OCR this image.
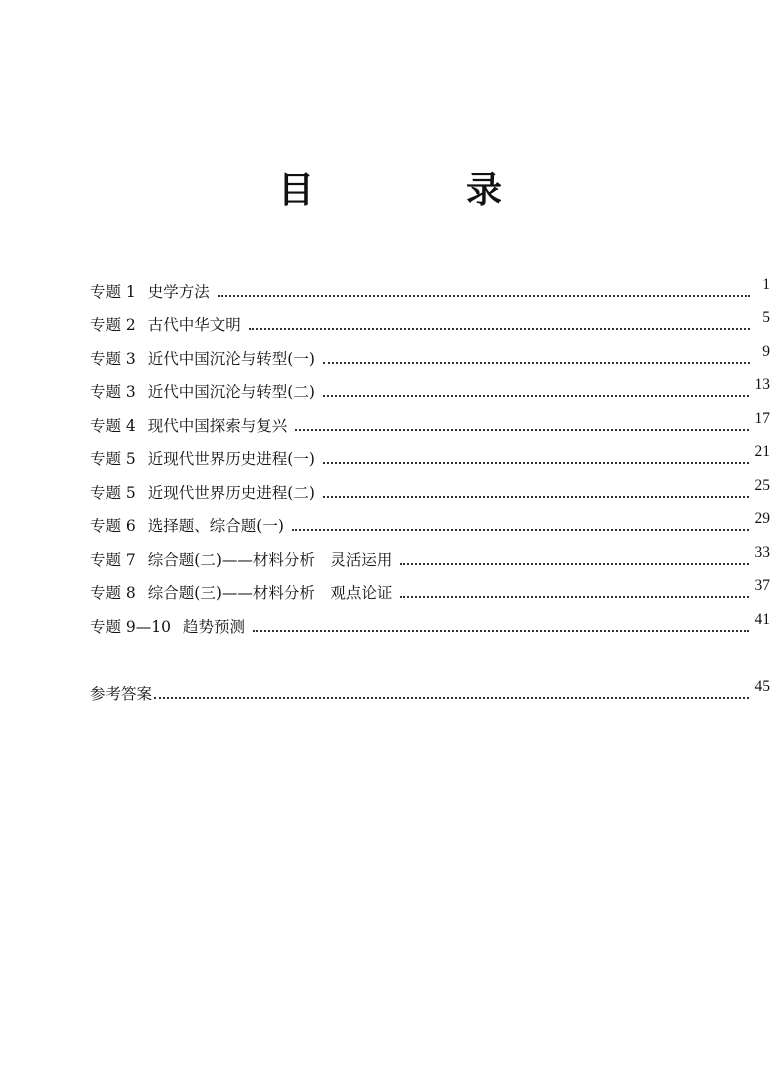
目　录
专题 1 史学方法	1
专题 2 古代中华文明	5
专题 3 近代中国沉沦与转型(一)	9
专题 3 近代中国沉沦与转型(二)	13
专题 4 现代中国探索与复兴	17
专题 5 近现代世界历史进程(一)	21
专题 5 近现代世界历史进程(二)	25
专题 6 选择题、综合题(一)	29
专题 7 综合题(二)——材料分析　灵活运用	33
专题 8 综合题(三)——材料分析　观点论证	37
专题 9—10 趋势预测	41
参考答案	45
